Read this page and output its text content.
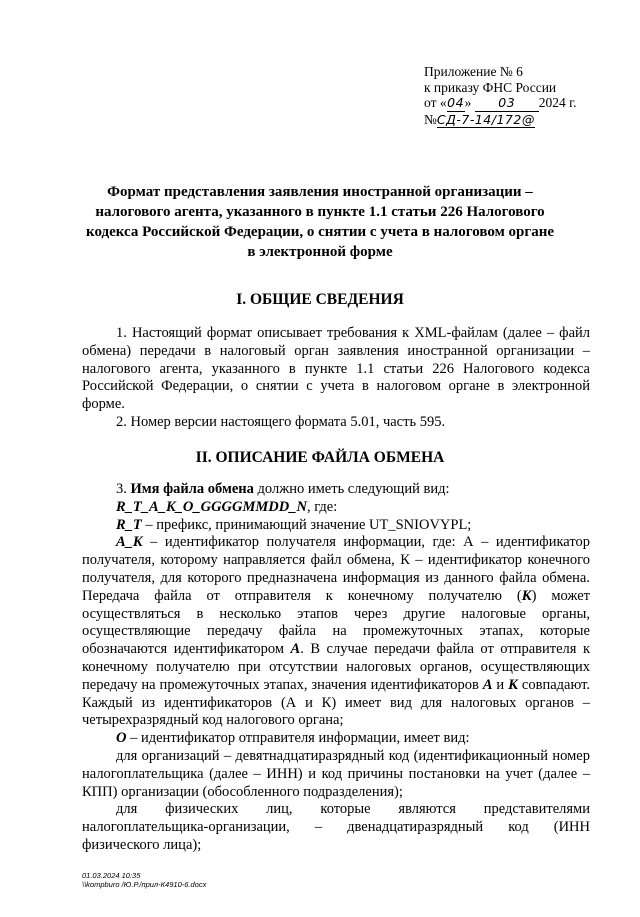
Приложение № 6
к приказу ФНС России
от «04» 03 2024 г.
№СД-7-14/172@
Формат представления заявления иностранной организации – налогового агента, указанного в пункте 1.1 статьи 226 Налогового кодекса Российской Федерации, о снятии с учета в налоговом органе в электронной форме
I. ОБЩИЕ СВЕДЕНИЯ
1. Настоящий формат описывает требования к XML-файлам (далее – файл обмена) передачи в налоговый орган заявления иностранной организации – налогового агента, указанного в пункте 1.1 статьи 226 Налогового кодекса Российской Федерации, о снятии с учета в налоговом органе в электронной форме.
2. Номер версии настоящего формата 5.01, часть 595.
II. ОПИСАНИЕ ФАЙЛА ОБМЕНА
3. Имя файла обмена должно иметь следующий вид:
R_T_A_K_O_GGGGMMDD_N, где:
R_T – префикс, принимающий значение UT_SNIOVYPL;
A_K – идентификатор получателя информации, где: А – идентификатор получателя, которому направляется файл обмена, К – идентификатор конечного получателя, для которого предназначена информация из данного файла обмена. Передача файла от отправителя к конечному получателю (К) может осуществляться в несколько этапов через другие налоговые органы, осуществляющие передачу файла на промежуточных этапах, которые обозначаются идентификатором А. В случае передачи файла от отправителя к конечному получателю при отсутствии налоговых органов, осуществляющих передачу на промежуточных этапах, значения идентификаторов А и К совпадают. Каждый из идентификаторов (А и К) имеет вид для налоговых органов – четырехразрядный код налогового органа;
O – идентификатор отправителя информации, имеет вид:
для организаций – девятнадцатиразрядный код (идентификационный номер налогоплательщика (далее – ИНН) и код причины постановки на учет (далее – КПП) организации (обособленного подразделения);
для физических лиц, которые являются представителями
налогоплательщика-организации, – двенадцатиразрядный код (ИНН
физического лица);
01.03.2024 10:35
\\kompburo /Ю.Р./прил-К4910-6.docx
